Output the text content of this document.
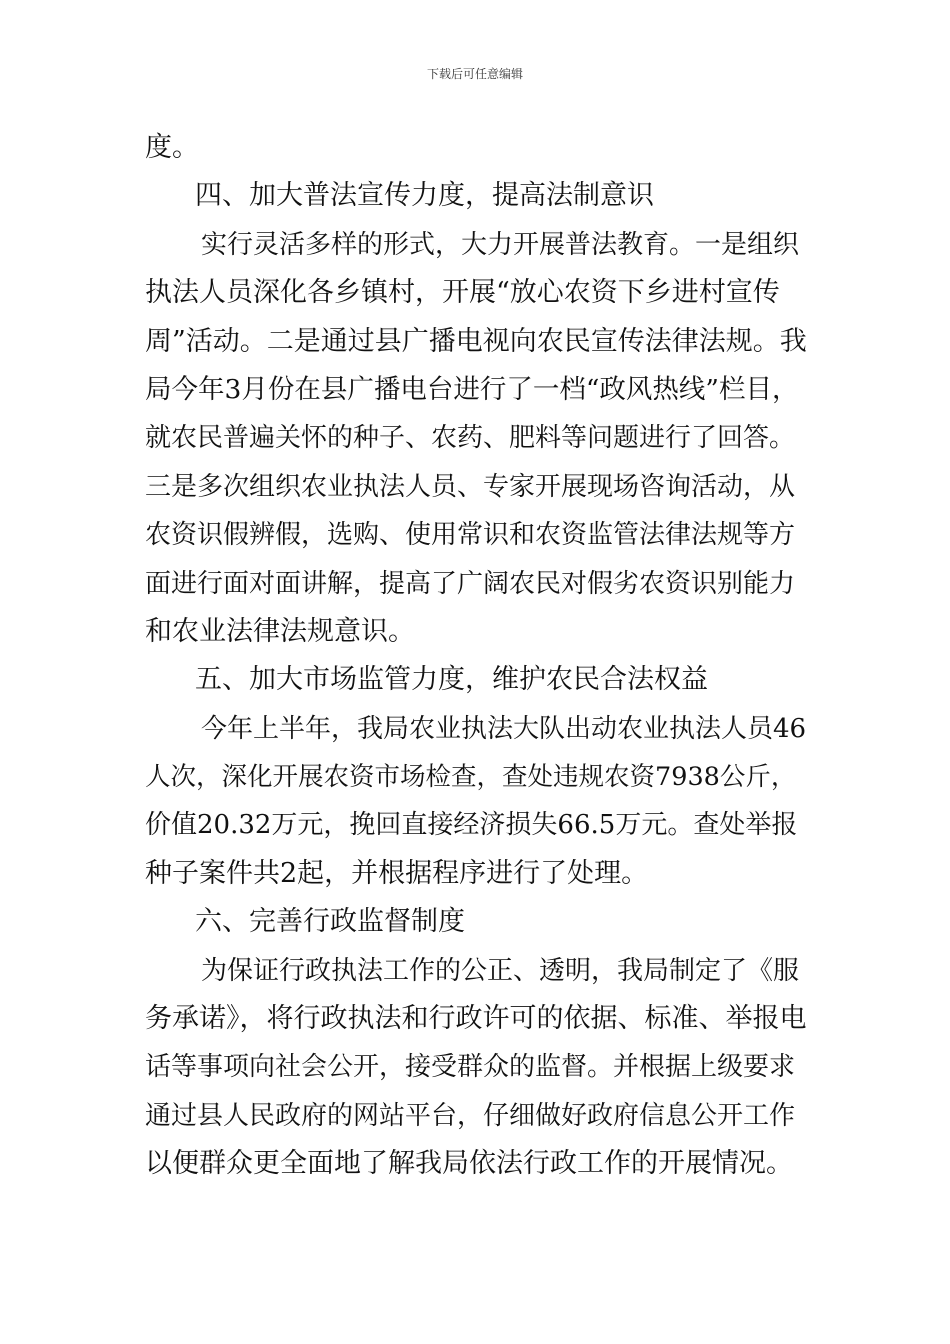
下载后可任意编辑
度。
四、加大普法宣传力度，提高法制意识
实行灵活多样的形式，大力开展普法教育。一是组织
执法人员深化各乡镇村，开展“放心农资下乡进村宣传
周”活动。二是通过县广播电视向农民宣传法律法规。我
局今年3月份在县广播电台进行了一档“政风热线”栏目，
就农民普遍关怀的种子、农药、肥料等问题进行了回答。
三是多次组织农业执法人员、专家开展现场咨询活动，从
农资识假辨假，选购、使用常识和农资监管法律法规等方
面进行面对面讲解，提高了广阔农民对假劣农资识别能力
和农业法律法规意识。
五、加大市场监管力度，维护农民合法权益
今年上半年，我局农业执法大队出动农业执法人员46
人次，深化开展农资市场检查，查处违规农资7938公斤，
价值20.32万元，挽回直接经济损失66.5万元。查处举报
种子案件共2起，并根据程序进行了处理。
六、完善行政监督制度
为保证行政执法工作的公正、透明，我局制定了《服
务承诺》，将行政执法和行政许可的依据、标准、举报电
话等事项向社会公开，接受群众的监督。并根据上级要求
通过县人民政府的网站平台，仔细做好政府信息公开工作
以便群众更全面地了解我局依法行政工作的开展情况。
